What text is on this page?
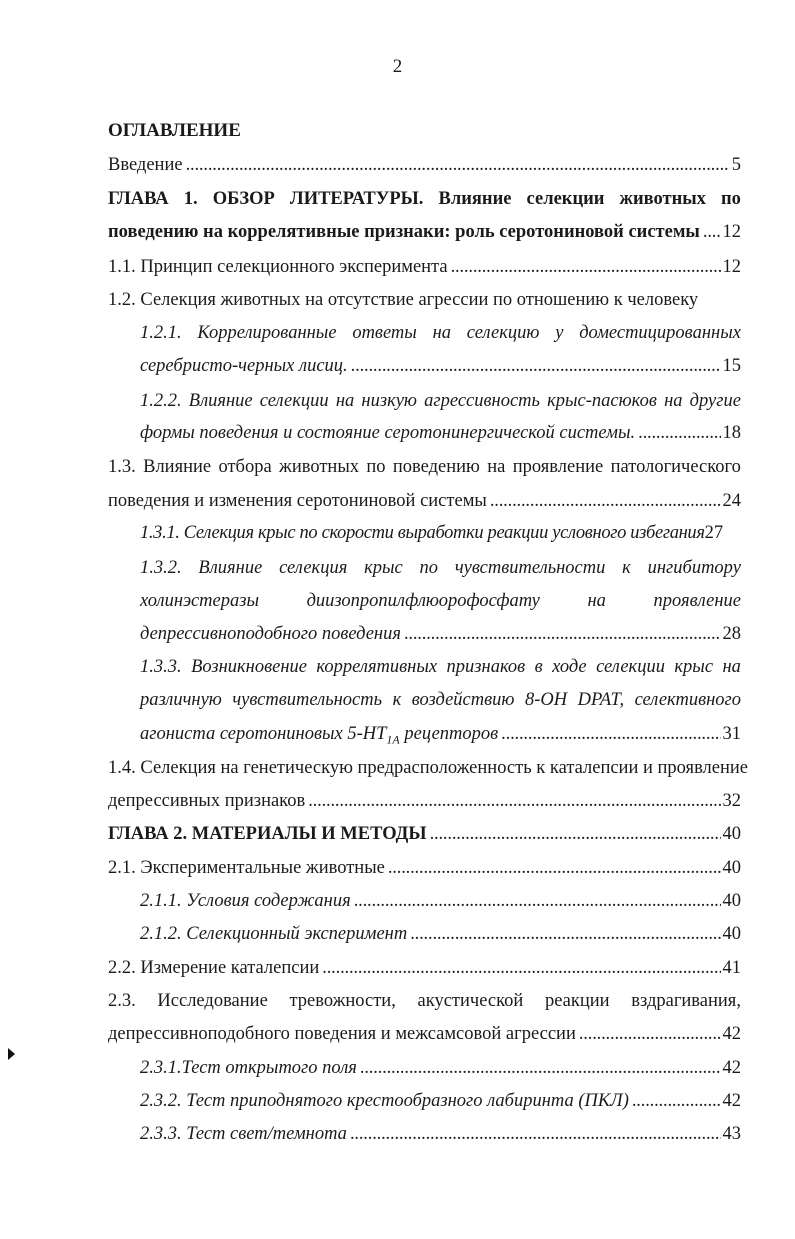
2
ОГЛАВЛЕНИЕ
Введение . . .	5
ГЛАВА 1. ОБЗОР ЛИТЕРАТУРЫ. Влияние селекции животных по
поведению на коррелятивные признаки: роль серотониновой системы . . . 12
1.1. Принцип селекционного эксперимента . . .	12
1.2. Селекция животных на отсутствие агрессии по отношению к человеку
1.2.1. Коррелированные ответы на селекцию у доместицированных
серебристо-черных лисиц. . . .	15
1.2.2. Влияние селекции на низкую агрессивность крыс-пасюков на другие
формы поведения и состояние серотонинергической системы. . . .	18
1.3. Влияние отбора животных по поведению на проявление патологического
поведения и изменения серотониновой системы . . .	24
1.3.1. Селекция крыс по скорости выработки реакции условного избегания 27
1.3.2. Влияние селекция крыс по чувствительности к ингибитору
холинэстеразы	диизопропилфлюорофосфату	на	проявление
депрессивноподобного поведения . . .	28
1.3.3. Возникновение коррелятивных признаков в ходе селекции крыс на
различную чувствительность к воздействию 8-OH DPAT, селективного
агониста серотониновых $5-HT_{1A}$ рецепторов . . .	31
1.4. Селекция на генетическую предрасположенность к каталепсии и проявление
депрессивных признаков . . .	32
ГЛАВА 2. МАТЕРИАЛЫ И МЕТОДЫ . . .	40
2.1. Экспериментальные животные . . .	40
2.1.1. Условия содержания . . .	40
2.1.2. Селекционный эксперимент . . .	40
2.2. Измерение каталепсии . . .	41
2.3. Исследование тревожности, акустической реакции вздрагивания,
депрессивноподобного поведения и межсамсовой агрессии . . .	42
2.3.1.Тест открытого поля . . .	42
2.3.2. Тест приподнятого крестообразного лабиринта (ПКЛ) . . .	42
2.3.3. Тест свет/темнота . . .	43
